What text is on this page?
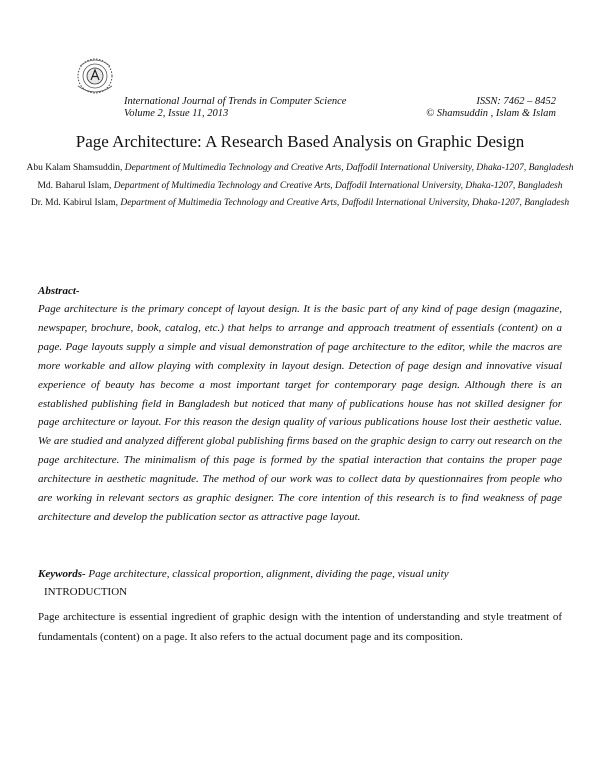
International Journal of Trends in Computer Science	ISSN: 7462 – 8452
Volume 2, Issue 11, 2013	© Shamsuddin , Islam & Islam
Page Architecture: A Research Based Analysis on Graphic Design
Abu Kalam Shamsuddin, Department of Multimedia Technology and Creative Arts, Daffodil International University, Dhaka-1207, Bangladesh
Md. Baharul Islam, Department of Multimedia Technology and Creative Arts, Daffodil International University, Dhaka-1207, Bangladesh
Dr. Md. Kabirul Islam, Department of Multimedia Technology and Creative Arts, Daffodil International University, Dhaka-1207, Bangladesh
Abstract-
Page architecture is the primary concept of layout design. It is the basic part of any kind of page design (magazine, newspaper, brochure, book, catalog, etc.) that helps to arrange and approach treatment of essentials (content) on a page. Page layouts supply a simple and visual demonstration of page architecture to the editor, while the macros are more workable and allow playing with complexity in layout design. Detection of page design and innovative visual experience of beauty has become a most important target for contemporary page design. Although there is an established publishing field in Bangladesh but noticed that many of publications house has not skilled designer for page architecture or layout. For this reason the design quality of various publications house lost their aesthetic value. We are studied and analyzed different global publishing firms based on the graphic design to carry out research on the page architecture. The minimalism of this page is formed by the spatial interaction that contains the proper page architecture in aesthetic magnitude. The method of our work was to collect data by questionnaires from people who are working in relevant sectors as graphic designer. The core intention of this research is to find weakness of page architecture and develop the publication sector as attractive page layout.
Keywords- Page architecture, classical proportion, alignment, dividing the page, visual unity
INTRODUCTION
Page architecture is essential ingredient of graphic design with the intention of understanding and style treatment of fundamentals (content) on a page. It also refers to the actual document page and its composition.
